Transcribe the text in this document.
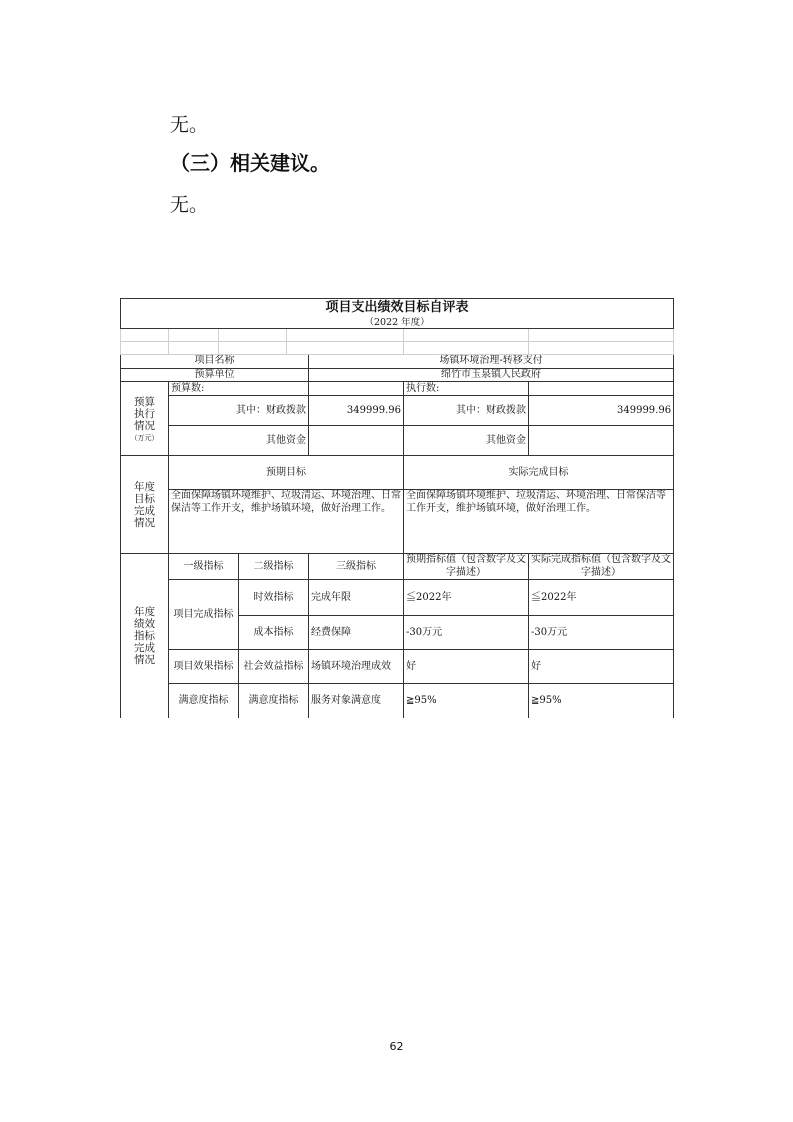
无。
（三）相关建议。
无。
项目支出绩效目标自评表							
（2022 年度）							

项目名称					场镇环境治理-转移支付		
预算单位					绵竹市玉泉镇人民政府		
预算
执行
情况
（万元）	预算数:					执行数:	
	其中：财政拨款				349999.96	其中：财政拨款	349999.96
	其他资金					其他资金	
年度
目标
完成
情况	预期目标					实际完成目标	
	全面保障场镇环境维护、垃圾清运、环境治理、日常保洁等工作开支，维护场镇环境，做好治理工作。					全面保障场镇环境维护、垃圾清运、环境治理、日常保洁等工作开支，维护场镇环境，做好治理工作。	
年度
绩效
指标
完成
情况	一级指标		二级指标		三级指标	预期指标值（包含数字及文字描述）	实际完成指标值（包含数字及文字描述）
	项目完成指标		时效指标		完成年限	≦2022年	≦2022年
			成本指标		经费保障	-30万元	-30万元
	项目效果指标		社会效益指标		场镇环境治理成效	好	好
	满意度指标		满意度指标		服务对象满意度	≧95%	≧95%
62
